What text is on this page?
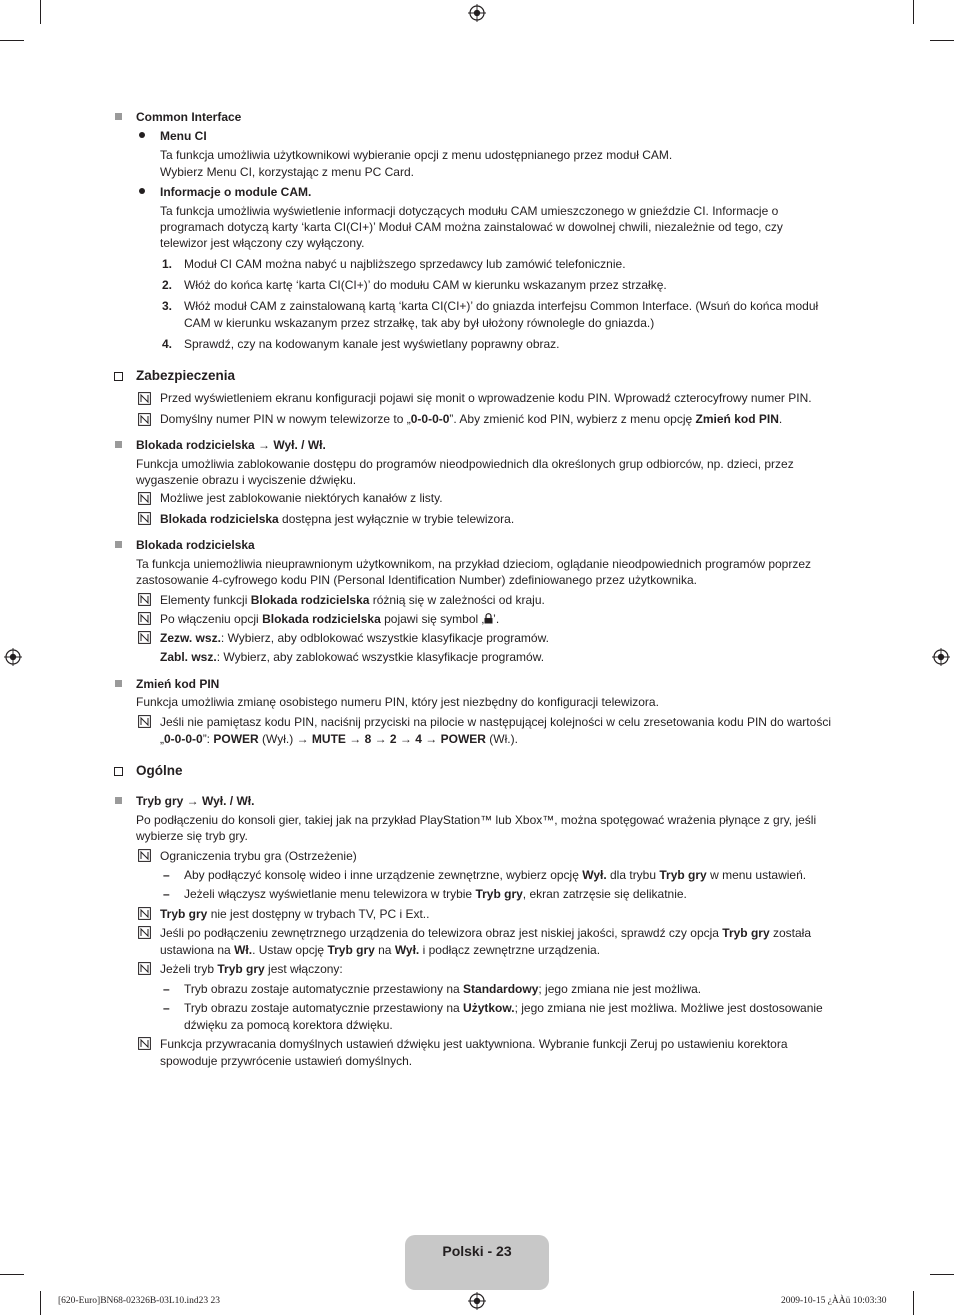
Common Interface
Menu CI
Ta funkcja umożliwia użytkownikowi wybieranie opcji z menu udostępnianego przez moduł CAM.
Wybierz Menu CI, korzystając z menu PC Card.
Informacje o module CAM.
Ta funkcja umożliwia wyświetlenie informacji dotyczących modułu CAM umieszczonego w gnieździe CI. Informacje o
programach dotyczą karty ‘karta CI(CI+)’ Moduł CAM można zainstalować w dowolnej chwili, niezależnie od tego, czy
telewizor jest włączony czy wyłączony.
1. Moduł CI CAM można nabyć u najbliższego sprzedawcy lub zamówić telefonicznie.
2. Włóż do końca kartę ‘karta CI(CI+)’ do modułu CAM w kierunku wskazanym przez strzałkę.
3. Włóż moduł CAM z zainstalowaną kartą ‘karta CI(CI+)’ do gniazda interfejsu Common Interface. (Wsuń do końca moduł
CAM w kierunku wskazanym przez strzałkę, tak aby był ułożony równolegle do gniazda.)
4. Sprawdź, czy na kodowanym kanale jest wyświetlany poprawny obraz.
Zabezpieczenia
Przed wyświetleniem ekranu konfiguracji pojawi się monit o wprowadzenie kodu PIN. Wprowadź czterocyfrowy numer PIN.
Domyślny numer PIN w nowym telewizorze to „0-0-0-0”. Aby zmienić kod PIN, wybierz z menu opcję Zmień kod PIN.
Blokada rodzicielska → Wył. / Wł.
Funkcja umożliwia zablokowanie dostępu do programów nieodpowiednich dla określonych grup odbiorców, np. dzieci, przez
wygaszenie obrazu i wyciszenie dźwięku.
Możliwe jest zablokowanie niektórych kanałów z listy.
Blokada rodzicielska dostępna jest wyłącznie w trybie telewizora.
Blokada rodzicielska
Ta funkcja uniemożliwia nieuprawnionym użytkownikom, na przykład dzieciom, oglądanie nieodpowiednich programów poprzez
zastosowanie 4-cyfrowego kodu PIN (Personal Identification Number) zdefiniowanego przez użytkownika.
Elementy funkcji Blokada rodzicielska różnią się w zależności od kraju.
Po włączeniu opcji Blokada rodzicielska pojawi się symbol ‚ ’.
Zezw. wsz.: Wybierz, aby odblokować wszystkie klasyfikacje programów.
Zabl. wsz.: Wybierz, aby zablokować wszystkie klasyfikacje programów.
Zmień kod PIN
Funkcja umożliwia zmianę osobistego numeru PIN, który jest niezbędny do konfiguracji telewizora.
Jeśli nie pamiętasz kodu PIN, naciśnij przyciski na pilocie w następującej kolejności w celu zresetowania kodu PIN do wartości
„0-0-0-0”: POWER (Wył.) → MUTE → 8 → 2 → 4 → POWER (Wł.).
Ogólne
Tryb gry → Wył. / Wł.
Po podłączeniu do konsoli gier, takiej jak na przykład PlayStation™ lub Xbox™, można spotęgować wrażenia płynące z gry, jeśli
wybierze się tryb gry.
Ograniczenia trybu gra (Ostrzeżenie)
– Aby podłączyć konsolę wideo i inne urządzenie zewnętrzne, wybierz opcję Wył. dla trybu Tryb gry w menu ustawień.
– Jeżeli włączysz wyświetlanie menu telewizora w trybie Tryb gry, ekran zatrzęsie się delikatnie.
Tryb gry nie jest dostępny w trybach TV, PC i Ext..
Jeśli po podłączeniu zewnętrznego urządzenia do telewizora obraz jest niskiej jakości, sprawdź czy opcja Tryb gry została
ustawiona na Wł.. Ustaw opcję Tryb gry na Wył. i podłącz zewnętrzne urządzenia.
Jeżeli tryb Tryb gry jest włączony:
– Tryb obrazu zostaje automatycznie przestawiony na Standardowy; jego zmiana nie jest możliwa.
– Tryb obrazu zostaje automatycznie przestawiony na Użytkow.; jego zmiana nie jest możliwa. Możliwe jest dostosowanie
dźwięku za pomocą korektora dźwięku.
Funkcja przywracania domyślnych ustawień dźwięku jest uaktywniona. Wybranie funkcji Zeruj po ustawieniu korektora
spowoduje przywrócenie ustawień domyślnych.
Polski - 23
[620-Euro]BN68-02326B-03L10.ind23 23	2009-10-15 ¿ÀÀü 10:03:30
